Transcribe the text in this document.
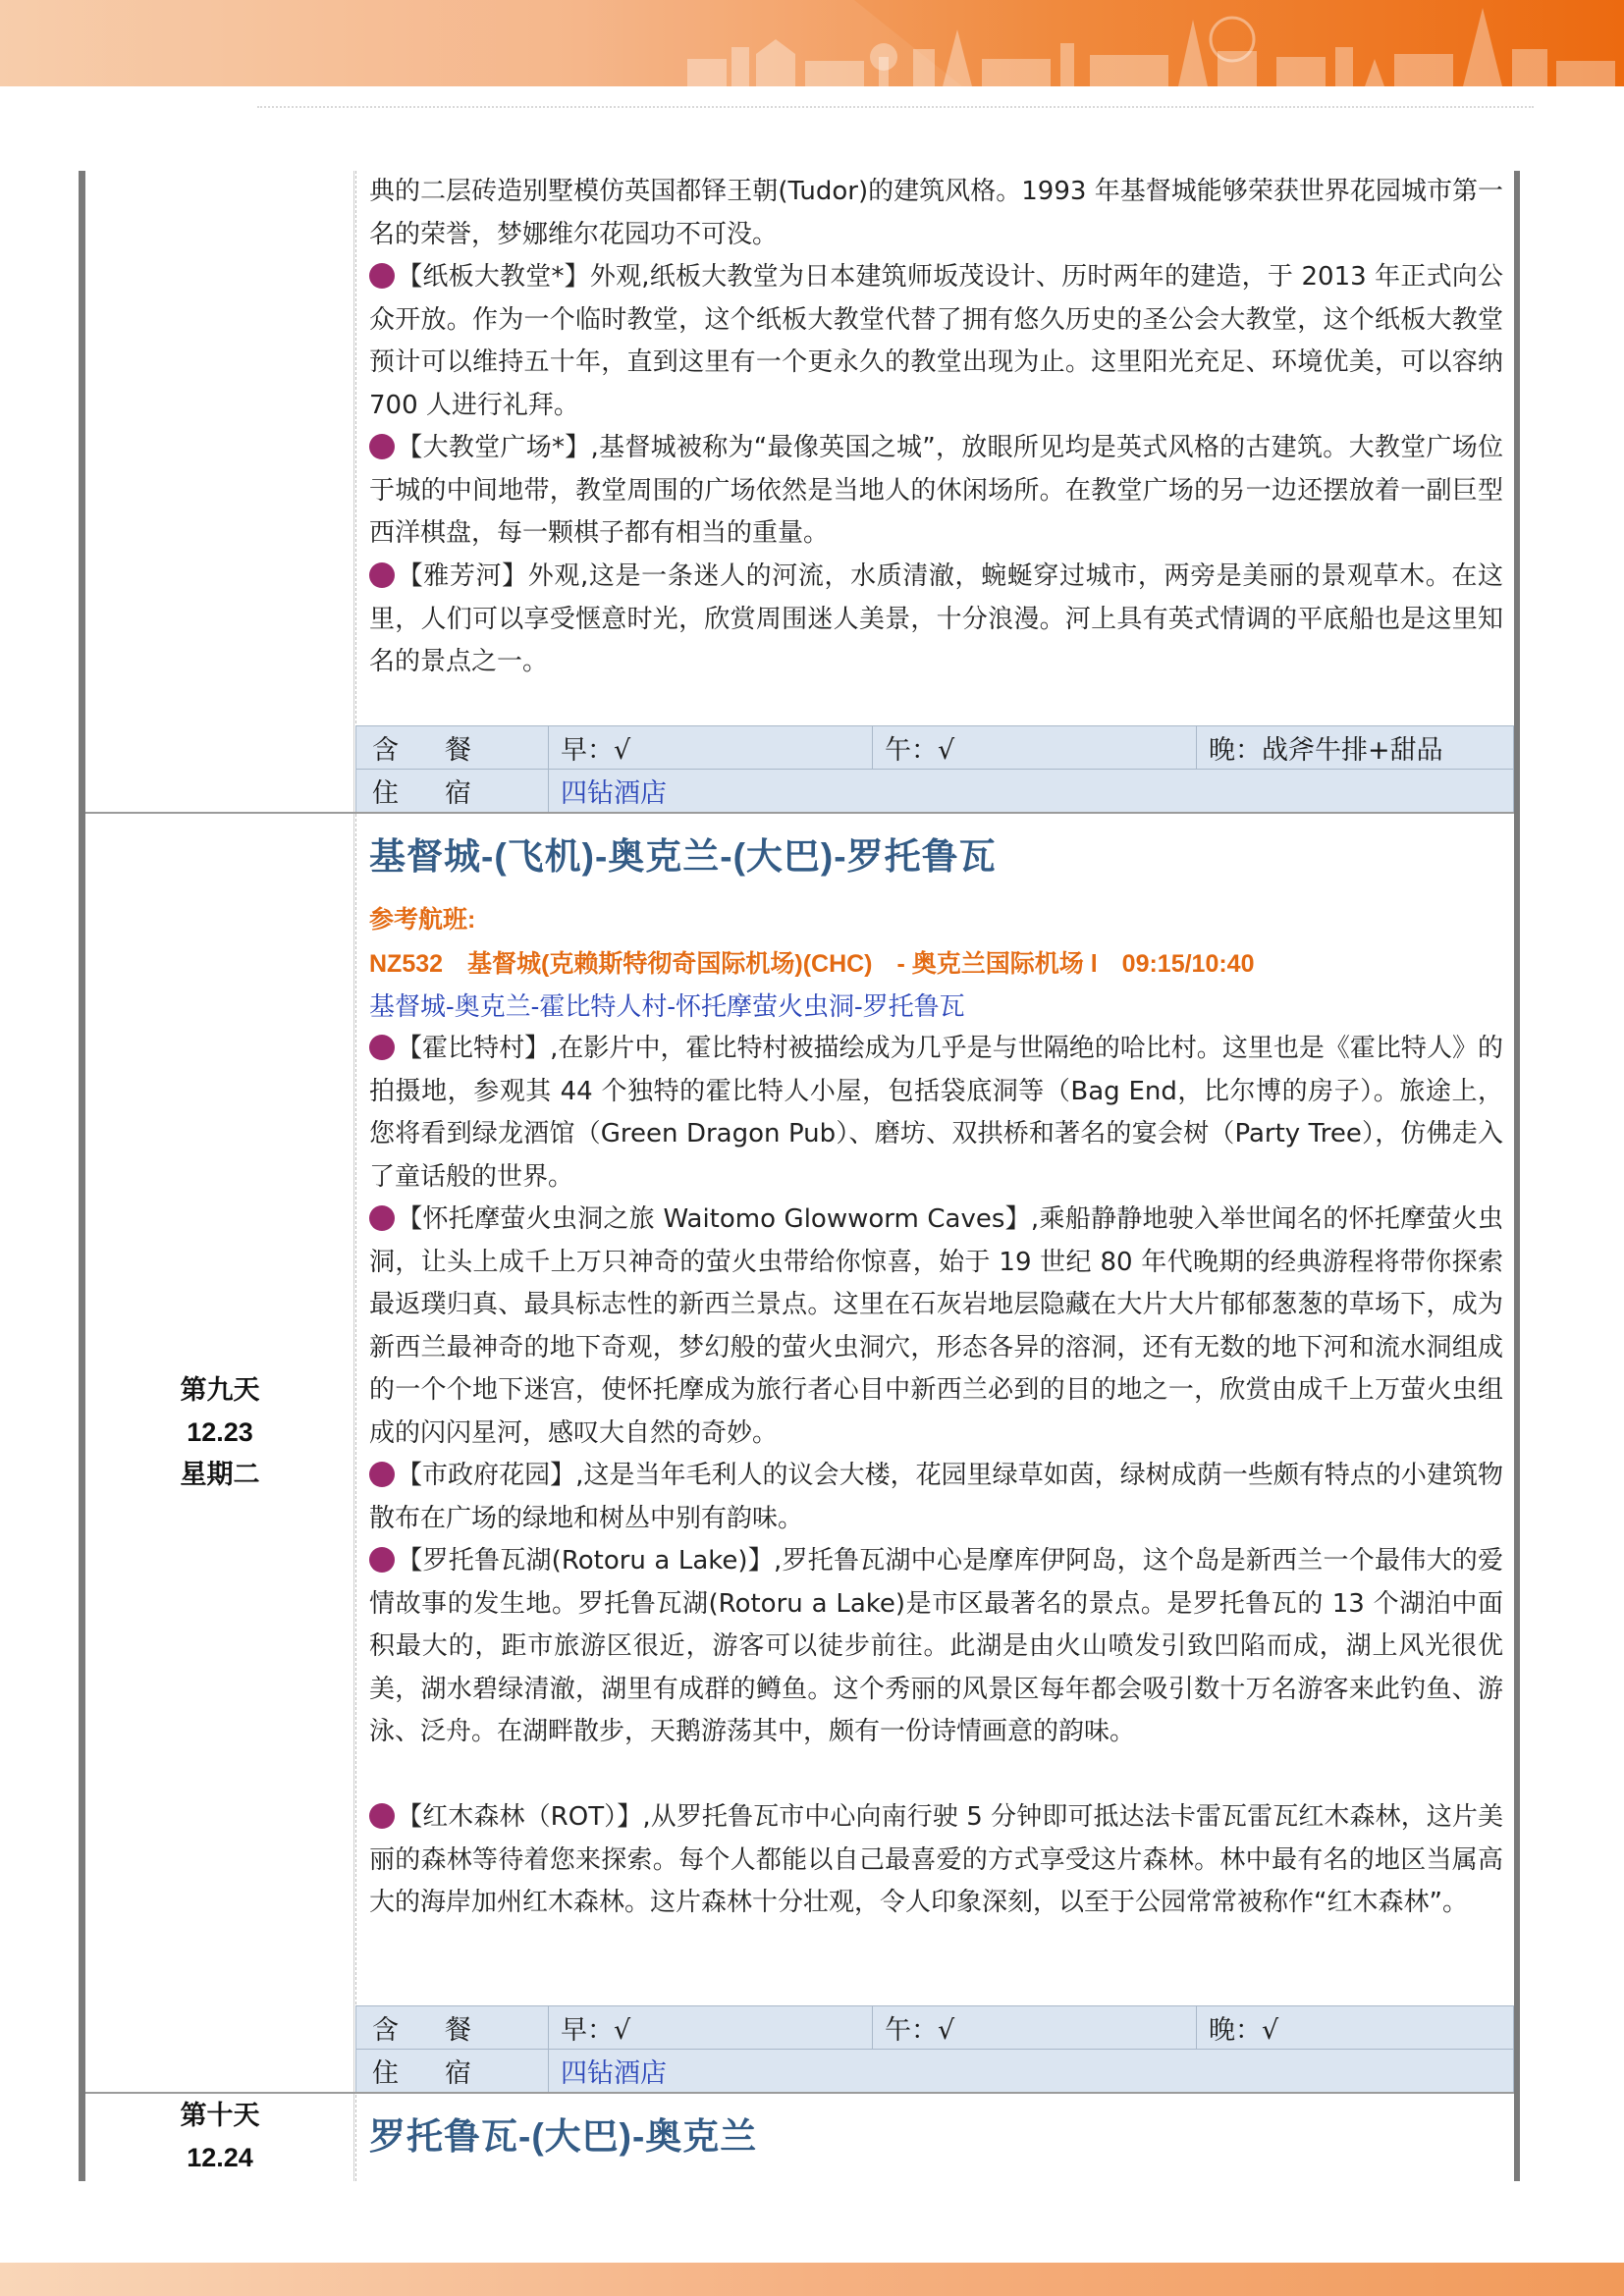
典的二层砖造别墅模仿英国都铎王朝(Tudor)的建筑风格。1993 年基督城能够荣获世界花园城市第一名的荣誉，梦娜维尔花园功不可没。
【纸板大教堂*】外观,纸板大教堂为日本建筑师坂茂设计、历时两年的建造，于 2013 年正式向公众开放。作为一个临时教堂，这个纸板大教堂代替了拥有悠久历史的圣公会大教堂，这个纸板大教堂预计可以维持五十年，直到这里有一个更永久的教堂出现为止。这里阳光充足、环境优美，可以容纳 700 人进行礼拜。
【大教堂广场*】,基督城被称为“最像英国之城”，放眼所见均是英式风格的古建筑。大教堂广场位于城的中间地带，教堂周围的广场依然是当地人的休闲场所。在教堂广场的另一边还摆放着一副巨型西洋棋盘，每一颗棋子都有相当的重量。
【雅芳河】外观,这是一条迷人的河流，水质清澈，蜿蜒穿过城市，两旁是美丽的景观草木。在这里，人们可以享受惬意时光，欣赏周围迷人美景，十分浪漫。河上具有英式情调的平底船也是这里知名的景点之一。
含　餐	早：√	午：√	晚：战斧牛排+甜品
住　宿	四钻酒店		
第九天
12.23
星期二
基督城-(飞机)-奥克兰-(大巴)-罗托鲁瓦
参考航班:
NZ532　基督城(克赖斯特彻奇国际机场)(CHC)　- 奥克兰国际机场 l　09:15/10:40
基督城-奥克兰-霍比特人村-怀托摩萤火虫洞-罗托鲁瓦
【霍比特村】,在影片中，霍比特村被描绘成为几乎是与世隔绝的哈比村。这里也是《霍比特人》的拍摄地，参观其 44 个独特的霍比特人小屋，包括袋底洞等（Bag End，比尔博的房子）。旅途上，您将看到绿龙酒馆（Green Dragon Pub）、磨坊、双拱桥和著名的宴会树（Party Tree），仿佛走入了童话般的世界。
【怀托摩萤火虫洞之旅 Waitomo Glowworm Caves】,乘船静静地驶入举世闻名的怀托摩萤火虫洞，让头上成千上万只神奇的萤火虫带给你惊喜，始于 19 世纪 80 年代晚期的经典游程将带你探索最返璞归真、最具标志性的新西兰景点。这里在石灰岩地层隐藏在大片大片郁郁葱葱的草场下，成为新西兰最神奇的地下奇观，梦幻般的萤火虫洞穴，形态各异的溶洞，还有无数的地下河和流水洞组成的一个个地下迷宫，使怀托摩成为旅行者心目中新西兰必到的目的地之一，欣赏由成千上万萤火虫组成的闪闪星河，感叹大自然的奇妙。
【市政府花园】,这是当年毛利人的议会大楼，花园里绿草如茵，绿树成荫一些颇有特点的小建筑物散布在广场的绿地和树丛中别有韵味。
【罗托鲁瓦湖(Rotoru a Lake)】,罗托鲁瓦湖中心是摩库伊阿岛，这个岛是新西兰一个最伟大的爱情故事的发生地。罗托鲁瓦湖(Rotoru a Lake)是市区最著名的景点。是罗托鲁瓦的 13 个湖泊中面积最大的，距市旅游区很近，游客可以徒步前往。此湖是由火山喷发引致凹陷而成，湖上风光很优美，湖水碧绿清澈，湖里有成群的鳟鱼。这个秀丽的风景区每年都会吸引数十万名游客来此钓鱼、游泳、泛舟。在湖畔散步，天鹅游荡其中，颇有一份诗情画意的韵味。
【红木森林（ROT）】,从罗托鲁瓦市中心向南行驶 5 分钟即可抵达法卡雷瓦雷瓦红木森林，这片美丽的森林等待着您来探索。每个人都能以自己最喜爱的方式享受这片森林。林中最有名的地区当属高大的海岸加州红木森林。这片森林十分壮观，令人印象深刻，以至于公园常常被称作“红木森林”。
含　餐	早：√	午：√	晚：√
住　宿	四钻酒店		
第十天
12.24
罗托鲁瓦-(大巴)-奥克兰
